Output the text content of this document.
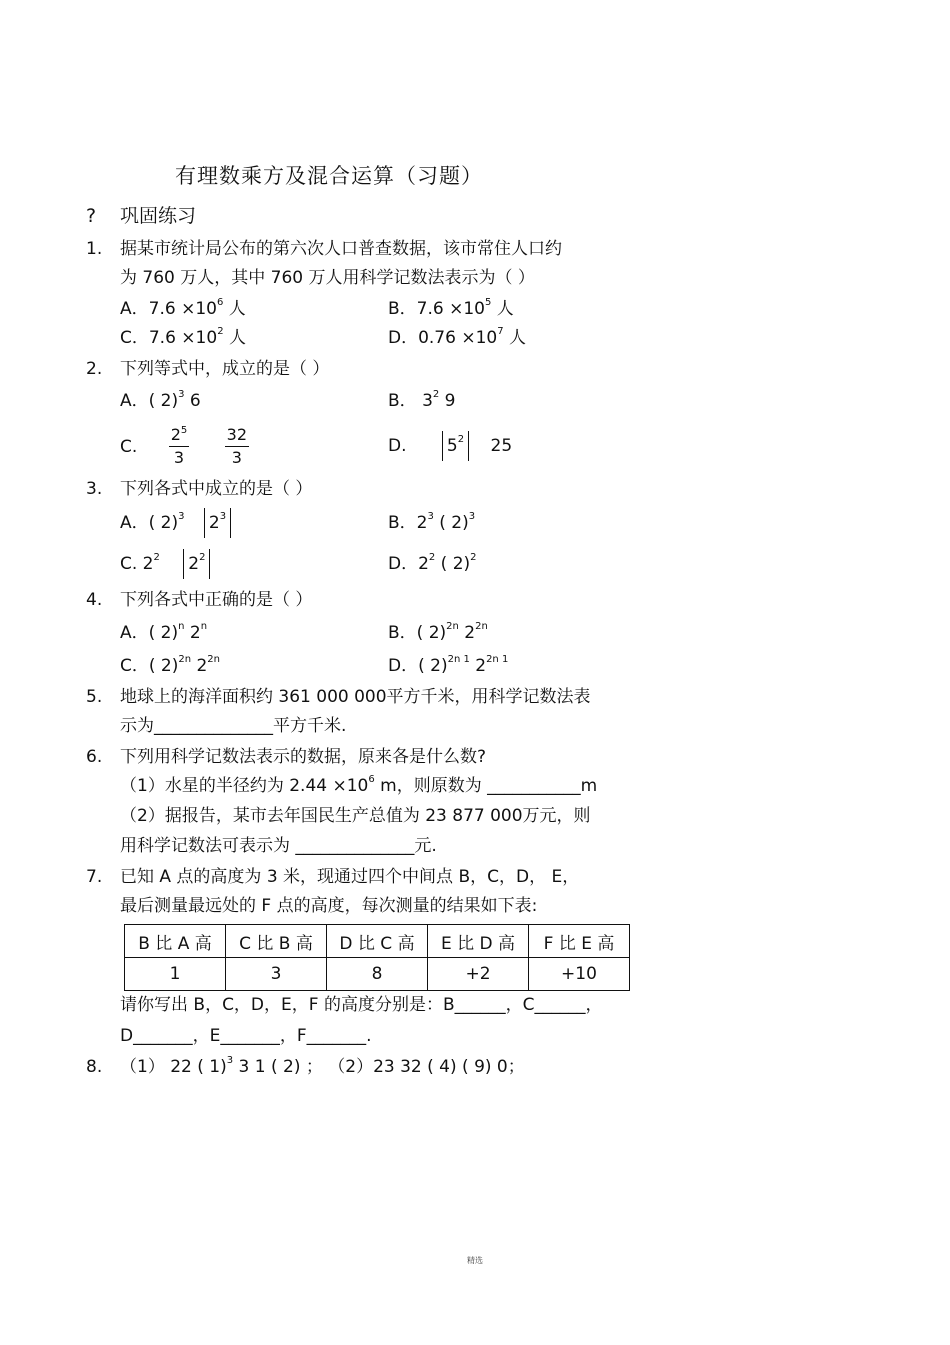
有理数乘方及混合运算（习题）
? 巩固练习
1. 据某市统计局公布的第六次人口普查数据，该市常住人口约
为 760 万人，其中 760 万人用科学记数法表示为（ ）
A．$7.6 \times 10^6$ 人	B．$7.6 \times 10^5$ 人
C．$7.6 \times 10^2$ 人	D．$0.76 \times 10^7$ 人
2. 下列等式中，成立的是（ ）
A．( 2)$^3$ 6	B． $3^2$ 9
C. $\frac{2^5}{3}$
$\frac{32}{3}$	D. $5^2$ 25
3. 下列各式中成立的是（ ）
A．( 2)$^3$ $2^3$	B．$2^3$ ( 2)$^3$
C. $2^2$ $2^2$	D．$2^2$ ( 2)$^2$
4. 下列各式中正确的是（ ）
A．( 2)$^n$ 2$^n$	B．( 2)$^{2n}$ $2^{2n}$
C．( 2)$^{2n}$ $2^{2n}$	D．( 2)$^{2n 1}$ $2^{2n 1}$
5. 地球上的海洋面积约 361 000 000平方千米，用科学记数法表
示为______________平方千米.
6. 下列用科学记数法表示的数据，原来各是什么数?
（1）水星的半径约为 $2.44 \times 10^6$ m，则原数为 ___________m
（2）据报告，某市去年国民生产总值为 23 877 000万元，则
用科学记数法可表示为 ______________元.
7. 已知 A 点的高度为 3 米，现通过四个中间点 B，C，D， E，
最后测量最远处的 F 点的高度，每次测量的结果如下表:
B 比 A 高	C 比 B 高	D 比 C 高	E 比 D 高	F 比 E 高
1	3	8	+2	+10
请你写出 B，C，D，E，F 的高度分别是：B______，C______，
D_______，E_______，F_______.
8. （1） 22 ( 1)$^3$ 3 1 ( 2) ； （2）23 32 ( 4) ( 9) 0；
精选
